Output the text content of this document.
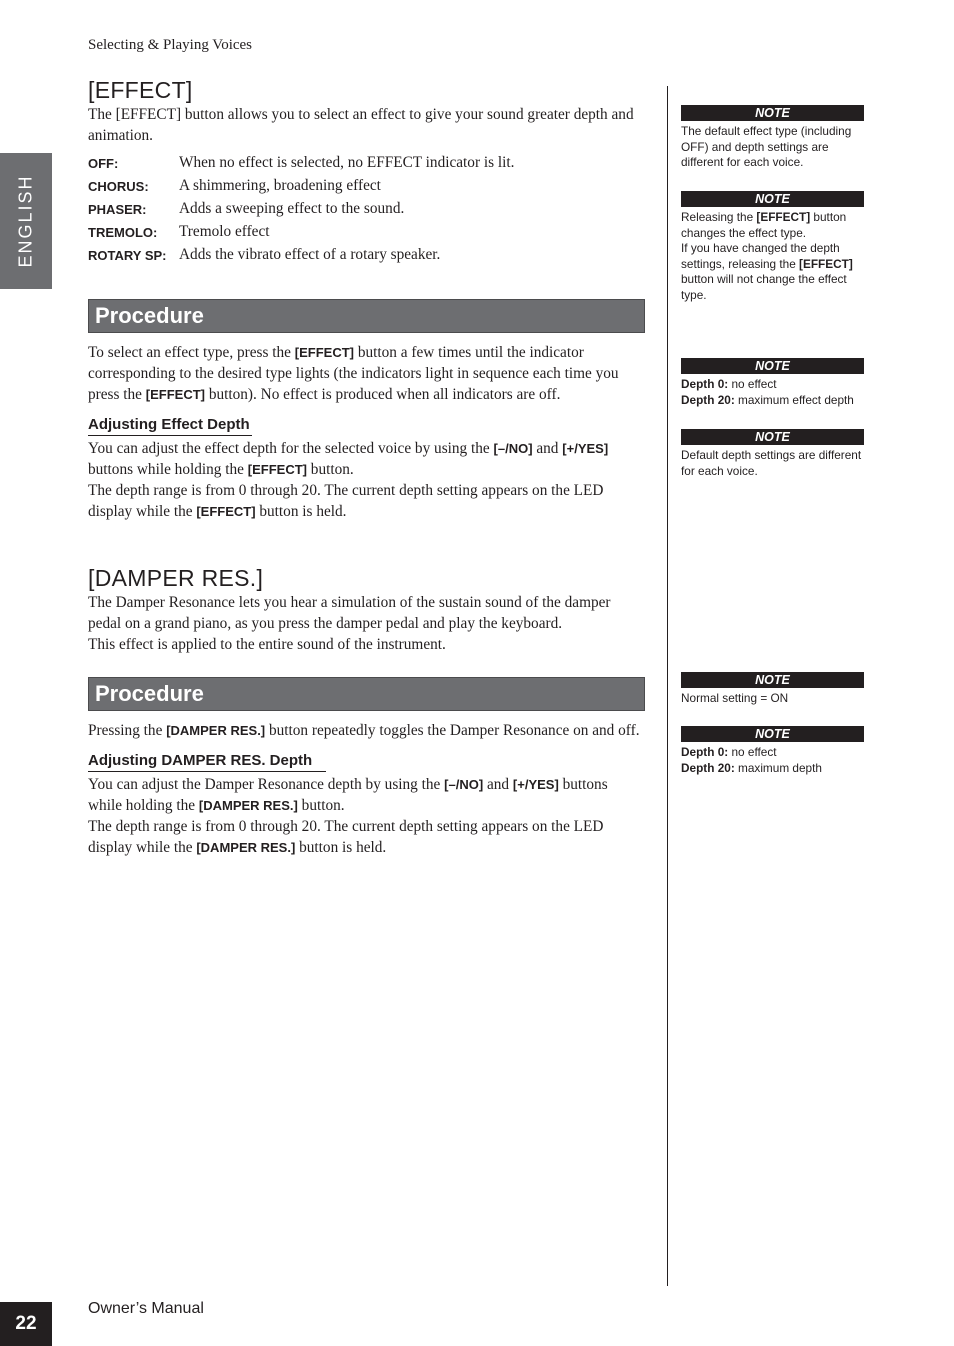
Selecting & Playing Voices
ENGLISH
[EFFECT]

The [EFFECT] button allows you to select an effect to give your sound greater depth and animation.

OFF:	When no effect is selected, no EFFECT indicator is lit.
CHORUS:	A shimmering, broadening effect
PHASER:	Adds a sweeping effect to the sound.
TREMOLO:	Tremolo effect
ROTARY SP:	Adds the vibrato effect of a rotary speaker.
Procedure

To select an effect type, press the [EFFECT] button a few times until the indicator corresponding to the desired type lights (the indicators light in sequence each time you press the [EFFECT] button). No effect is produced when all indicators are off.

Adjusting Effect Depth

You can adjust the effect depth for the selected voice by using the [–/NO] and [+/YES] buttons while holding the [EFFECT] button.

The depth range is from 0 through 20. The current depth setting appears on the LED display while the [EFFECT] button is held.

[DAMPER RES.]

The Damper Resonance lets you hear a simulation of the sustain sound of the damper pedal on a grand piano, as you press the damper pedal and play the keyboard.

This effect is applied to the entire sound of the instrument.

Procedure

Pressing the [DAMPER RES.] button repeatedly toggles the Damper Resonance on and off.

Adjusting DAMPER RES. Depth

You can adjust the Damper Resonance depth by using the [–/NO] and [+/YES] buttons while holding the [DAMPER RES.] button.

The depth range is from 0 through 20. The current depth setting appears on the LED display while the [DAMPER RES.] button is held.

NOTE
The default effect type (including OFF) and depth settings are different for each voice.
NOTE
Releasing the [EFFECT] button changes the effect type.
If you have changed the depth settings, releasing the [EFFECT] button will not change the effect type.
NOTE
Depth 0: no effect
Depth 20: maximum effect depth
NOTE
Default depth settings are different for each voice.
NOTE
Normal setting = ON
NOTE
Depth 0: no effect
Depth 20: maximum depth
22
Owner’s Manual
